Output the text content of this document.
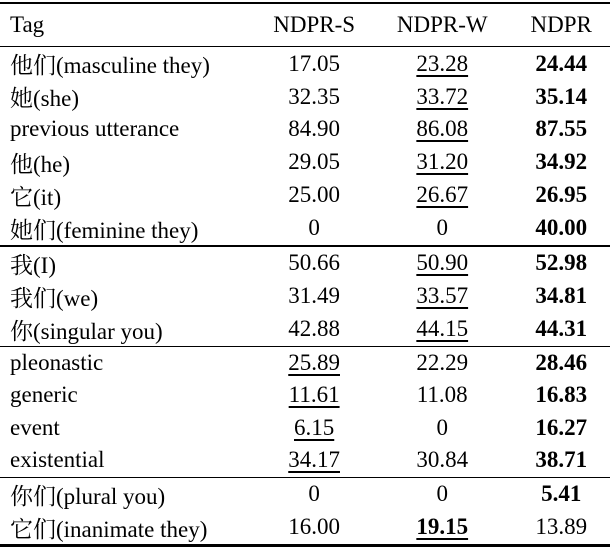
Tag	NDPR-S	NDPR-W	NDPR
他们(masculine they)	17.05	23.28	24.44
她(she)	32.35	33.72	35.14
previous utterance	84.90	86.08	87.55
他(he)	29.05	31.20	34.92
它(it)	25.00	26.67	26.95
她们(feminine they)	0	0	40.00
我(I)	50.66	50.90	52.98
我们(we)	31.49	33.57	34.81
你(singular you)	42.88	44.15	44.31
pleonastic	25.89	22.29	28.46
generic	11.61	11.08	16.83
event	6.15	0	16.27
existential	34.17	30.84	38.71
你们(plural you)	0	0	5.41
它们(inanimate they)	16.00	19.15	13.89
